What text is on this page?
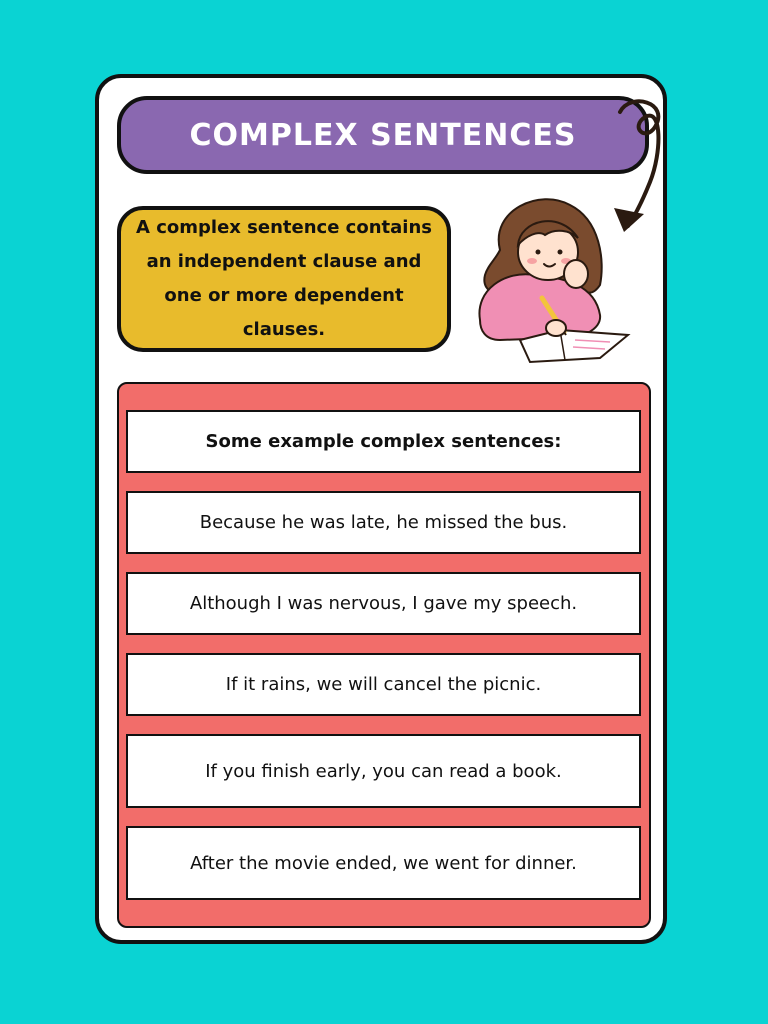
COMPLEX SENTENCES
A complex sentence contains an independent clause and one or more dependent clauses.
Some example complex sentences:
Because he was late, he missed the bus.
Although I was nervous, I gave my speech.
If it rains, we will cancel the picnic.
If you finish early, you can read a book.
After the movie ended, we went for dinner.
